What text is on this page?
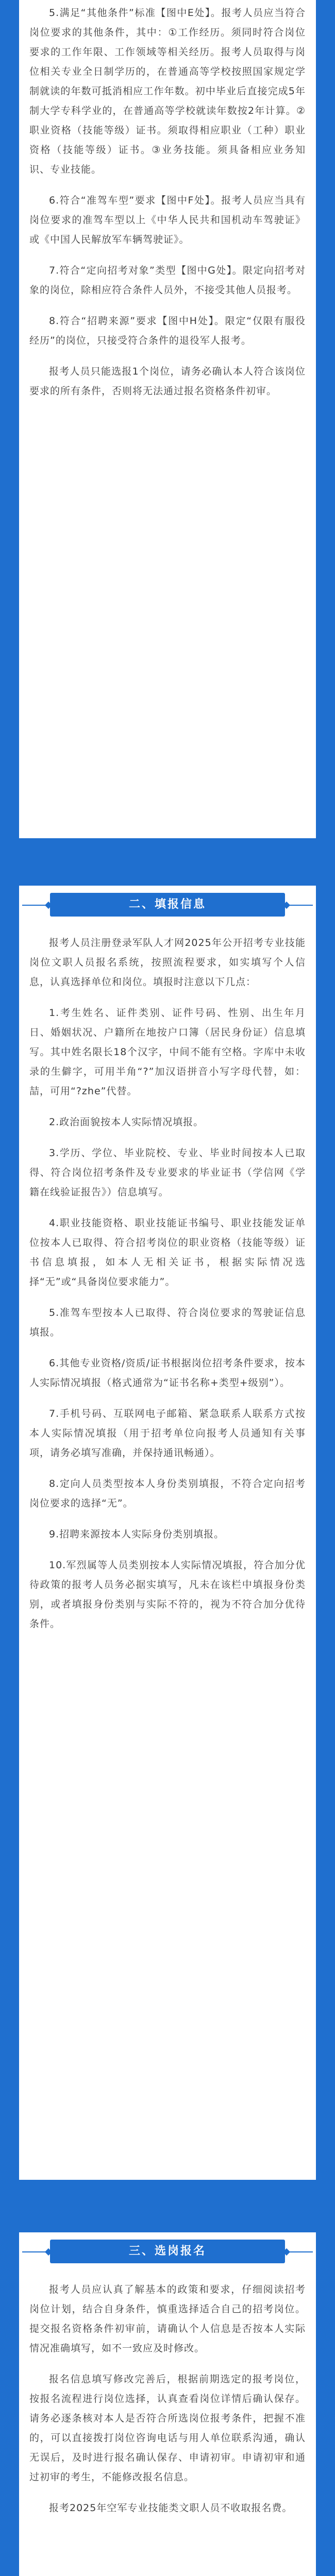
5.满足“其他条件”标准【图中E处】。报考人员应当符合岗位要求的其他条件，其中：①工作经历。须同时符合岗位要求的工作年限、工作领域等相关经历。报考人员取得与岗位相关专业全日制学历的，在普通高等学校按照国家规定学制就读的年数可抵消相应工作年数。初中毕业后直接完成5年制大学专科学业的，在普通高等学校就读年数按2年计算。②职业资格（技能等级）证书。须取得相应职业（工种）职业资格（技能等级）证书。③业务技能。须具备相应业务知识、专业技能。

6.符合“准驾车型”要求【图中F处】。报考人员应当具有岗位要求的准驾车型以上《中华人民共和国机动车驾驶证》或《中国人民解放军车辆驾驶证》。

7.符合“定向招考对象”类型【图中G处】。限定向招考对象的岗位，除相应符合条件人员外，不接受其他人员报考。

8.符合“招聘来源”要求【图中H处】。限定“仅限有服役经历”的岗位，只接受符合条件的退役军人报考。

报考人员只能选报1个岗位，请务必确认本人符合该岗位要求的所有条件，否则将无法通过报名资格条件初审。

二、填报信息

报考人员注册登录军队人才网2025年公开招考专业技能岗位文职人员报名系统，按照流程要求，如实填写个人信息，认真选择单位和岗位。填报时注意以下几点：

1.考生姓名、证件类别、证件号码、性别、出生年月日、婚姻状况、户籍所在地按户口簿（居民身份证）信息填写。其中姓名限长18个汉字，中间不能有空格。字库中未收录的生僻字，可用半角“?”加汉语拼音小写字母代替，如：喆，可用“?zhe”代替。

2.政治面貌按本人实际情况填报。

3.学历、学位、毕业院校、专业、毕业时间按本人已取得、符合岗位招考条件及专业要求的毕业证书（学信网《学籍在线验证报告》）信息填写。

4.职业技能资格、职业技能证书编号、职业技能发证单位按本人已取得、符合招考岗位的职业资格（技能等级）证书信息填报，如本人无相关证书，根据实际情况选择“无”或“具备岗位要求能力”。

5.准驾车型按本人已取得、符合岗位要求的驾驶证信息填报。

6.其他专业资格/资质/证书根据岗位招考条件要求，按本人实际情况填报（格式通常为“证书名称+类型+级别”）。

7.手机号码、互联网电子邮箱、紧急联系人联系方式按本人实际情况填报（用于招考单位向报考人员通知有关事项，请务必填写准确，并保持通讯畅通）。

8.定向人员类型按本人身份类别填报，不符合定向招考岗位要求的选择“无”。

9.招聘来源按本人实际身份类别填报。

10.军烈属等人员类别按本人实际情况填报，符合加分优待政策的报考人员务必据实填写，凡未在该栏中填报身份类别，或者填报身份类别与实际不符的，视为不符合加分优待条件。

三、选岗报名

报考人员应认真了解基本的政策和要求，仔细阅读招考岗位计划，结合自身条件，慎重选择适合自己的招考岗位。提交报名资格条件初审前，请确认个人信息是否按本人实际情况准确填写，如不一致应及时修改。

报名信息填写修改完善后，根据前期选定的报考岗位，按报名流程进行岗位选择，认真查看岗位详情后确认保存。请务必逐条核对本人是否符合所选岗位报考条件，把握不准的，可以直接拨打岗位咨询电话与用人单位联系沟通，确认无误后，及时进行报名确认保存、申请初审。申请初审和通过初审的考生，不能修改报名信息。

报考2025年空军专业技能类文职人员不收取报名费。
